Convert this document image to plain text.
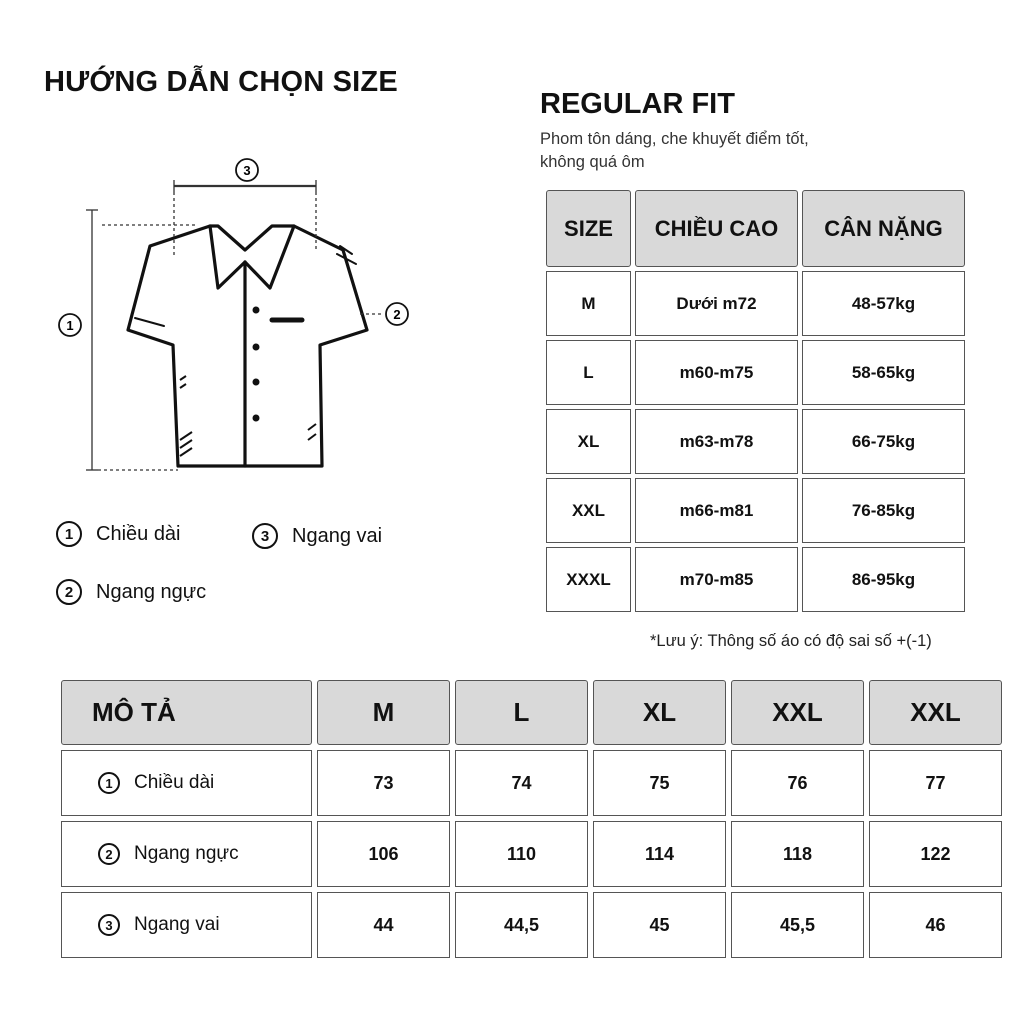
HƯỚNG DẪN CHỌN SIZE
REGULAR FIT
Phom tôn dáng, che khuyết điểm tốt,
không quá ôm
3
1
2
1	Chiều dài	3	Ngang vai
2	Ngang ngực
SIZE	CHIỀU CAO	CÂN NẶNG
M	Dưới m72	48-57kg
L	m60-m75	58-65kg
XL	m63-m78	66-75kg
XXL	m66-m81	76-85kg
XXXL	m70-m85	86-95kg
*Lưu ý: Thông số áo có độ sai số +(-1)
MÔ TẢ	M	L	XL	XXL	XXL

1 Chiều dài	73	74	75	76	77

2 Ngang ngực	106	110	114	118	122

3 Ngang vai	44	44,5	45	45,5	46
